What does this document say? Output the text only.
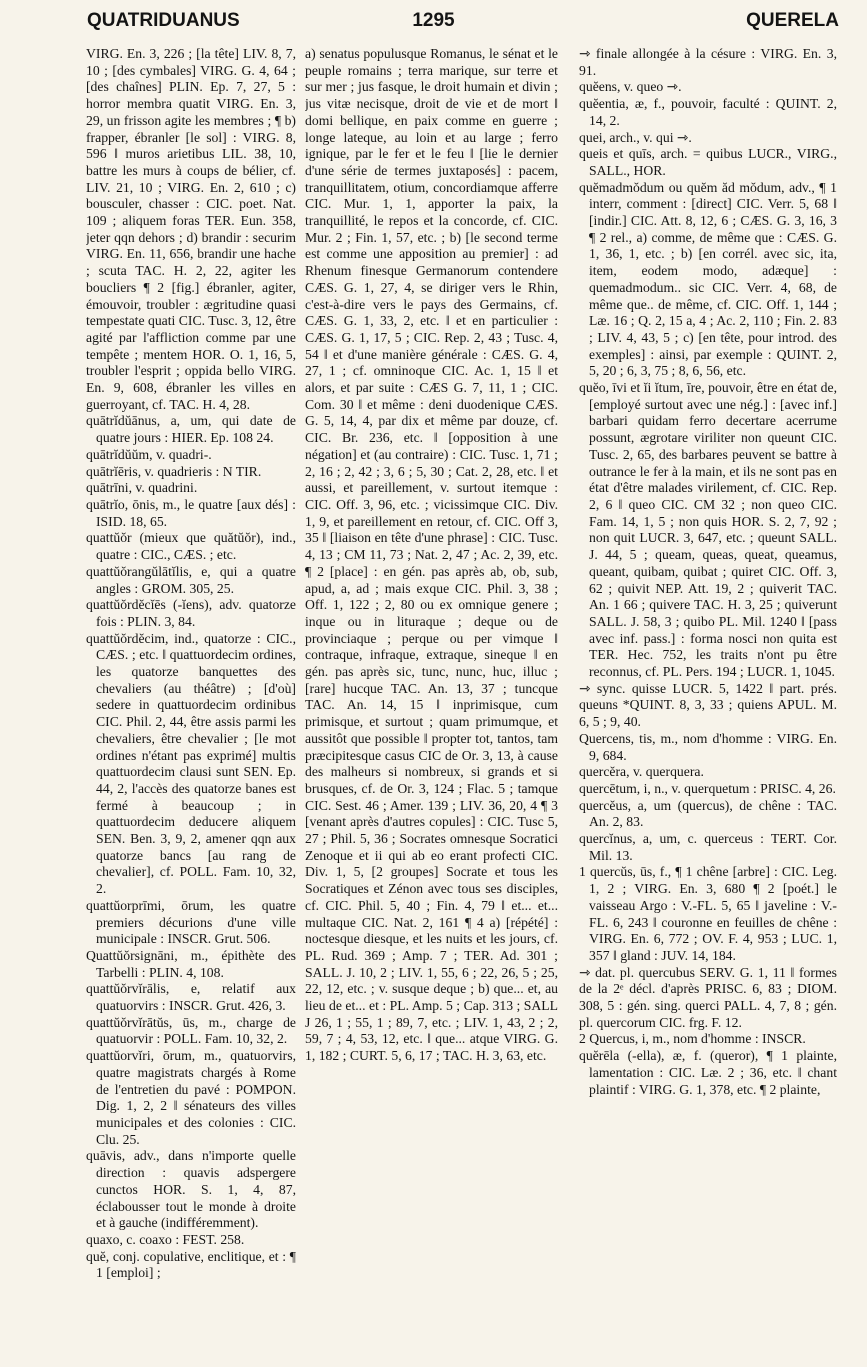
QUATRIDUANUS	1295	QUERELA

VIRG. En. 3, 226 ; [la tête] LIV. 8, 7, 10 ; [des cymbales] VIRG. G. 4, 64 ; [des chaînes] PLIN. Ep. 7, 27, 5 : horror membra quatit VIRG. En. 3, 29, un frisson agite les membres ; ¶ b) frapper, ébranler [le sol] : VIRG. 8, 596 ‖ muros arietibus LIL. 38, 10, battre les murs à coups de bélier, cf. LIV. 21, 10 ; VIRG. En. 2, 610 ; c) bousculer, chasser : CIC. poet. Nat. 109 ; aliquem foras TER. Eun. 358, jeter qqn dehors ; d) brandir : securim VIRG. En. 11, 656, brandir une hache ; scuta TAC. H. 2, 22, agiter les boucliers ¶ 2 [fig.] ébranler, agiter, émouvoir, troubler : ægritudine quasi tempestate quati CIC. Tusc. 3, 12, être agité par l'affliction comme par une tempête ; mentem HOR. O. 1, 16, 5, troubler l'esprit ; oppida bello VIRG. En. 9, 608, ébranler les villes en guerroyant, cf. TAC. H. 4, 28.

quātrĭdŭānus, a, um, qui date de quatre jours : HIER. Ep. 108 24.

quātrĭdŭŭm, v. quadri-.

quātrĭēris, v. quadrieris : N TIR.

quātrīni, v. quadrini.

quātrĭo, ōnis, m., le quatre [aux dés] : ISID. 18, 65.

quattŭŏr (mieux que quătŭŏr), ind., quatre : CIC., CÆS. ; etc.

quattŭŏrangŭlātĭlis, e, qui a quatre angles : GROM. 305, 25.

quattŭŏrdĕcĭēs (-ĭens), adv. quatorze fois : PLIN. 3, 84.

quattŭŏrdĕcim, ind., quatorze : CIC., CÆS. ; etc. ‖ quattuordecim ordines, les quatorze banquettes des chevaliers (au théâtre) ; [d'où] sedere in quattuordecim ordinibus CIC. Phil. 2, 44, être assis parmi les chevaliers, être chevalier ; [le mot ordines n'étant pas exprimé] multis quattuordecim clausi sunt SEN. Ep. 44, 2, l'accès des quatorze banes est fermé à beaucoup ; in quattuordecim deducere aliquem SEN. Ben. 3, 9, 2, amener qqn aux quatorze bancs [au rang de chevalier], cf. POLL. Fam. 10, 32, 2.

quattŭorprīmi, ōrum, les quatre premiers décurions d'une ville municipale : INSCR. Grut. 506.

Quattŭŏrsignāni, m., épithète des Tarbelli : PLIN. 4, 108.

quattŭŏrvĭrālis, e, relatif aux quatuorvirs : INSCR. Grut. 426, 3.

quattŭŏrvĭrātŭs, ūs, m., charge de quatuorvir : POLL. Fam. 10, 32, 2.

quattŭorvĭri, ōrum, m., quatuorvirs, quatre magistrats chargés à Rome de l'entretien du pavé : POMPON. Dig. 1, 2, 2 ‖ sénateurs des villes municipales et des colonies : CIC. Clu. 25.

quāvis, adv., dans n'importe quelle direction : quavis adspergere cunctos HOR. S. 1, 4, 87, éclabousser tout le monde à droite et à gauche (indifféremment).

quaxo, c. coaxo : FEST. 258.

quĕ, conj. copulative, enclitique, et : ¶ 1 [emploi] ;

a) senatus populusque Romanus, le sénat et le peuple romains ; terra marique, sur terre et sur mer ; jus fasque, le droit humain et divin ; jus vitæ necisque, droit de vie et de mort ‖ domi bellique, en paix comme en guerre ; longe lateque, au loin et au large ; ferro ignique, par le fer et le feu ‖ [lie le dernier d'une série de termes juxtaposés] : pacem, tranquillitatem, otium, concordiamque afferre CIC. Mur. 1, 1, apporter la paix, la tranquillité, le repos et la concorde, cf. CIC. Mur. 2 ; Fin. 1, 57, etc. ; b) [le second terme est comme une apposition au premier] : ad Rhenum finesque Germanorum contendere CÆS. G. 1, 27, 4, se diriger vers le Rhin, c'est-à-dire vers le pays des Germains, cf. CÆS. G. 1, 33, 2, etc. ‖ et en particulier : CÆS. G. 1, 17, 5 ; CIC. Rep. 2, 43 ; Tusc. 4, 54 ‖ et d'une manière générale : CÆS. G. 4, 27, 1 ; cf. omninoque CIC. Ac. 1, 15 ‖ et alors, et par suite : CÆS G. 7, 11, 1 ; CIC. Com. 30 ‖ et même : deni duodenique CÆS. G. 5, 14, 4, par dix et même par douze, cf. CIC. Br. 236, etc. ‖ [opposition à une négation] et (au contraire) : CIC. Tusc. 1, 71 ; 2, 16 ; 2, 42 ; 3, 6 ; 5, 30 ; Cat. 2, 28, etc. ‖ et aussi, et pareillement, v. surtout itemque : CIC. Off. 3, 96, etc. ; vicissimque CIC. Div. 1, 9, et pareillement en retour, cf. CIC. Off 3, 35 ‖ [liaison en tête d'une phrase] : CIC. Tusc. 4, 13 ; CM 11, 73 ; Nat. 2, 47 ; Ac. 2, 39, etc. ¶ 2 [place] : en gén. pas après ab, ob, sub, apud, a, ad ; mais exque CIC. Phil. 3, 38 ; Off. 1, 122 ; 2, 80 ou ex omnique genere ; inque ou in lituraque ; deque ou de provinciaque ; perque ou per vimque ‖ contraque, infraque, extraque, sineque ‖ en gén. pas après sic, tunc, nunc, huc, illuc ; [rare] hucque TAC. An. 13, 37 ; tuncque TAC. An. 14, 15 ‖ inprimisque, cum primisque, et surtout ; quam primumque, et aussitôt que possible ‖ propter tot, tantos, tam præcipitesque casus CIC de Or. 3, 13, à cause des malheurs si nombreux, si grands et si brusques, cf. de Or. 3, 124 ; Flac. 5 ; tamque CIC. Sest. 46 ; Amer. 139 ; LIV. 36, 20, 4 ¶ 3 [venant après d'autres copules] : CIC. Tusc 5, 27 ; Phil. 5, 36 ; Socrates omnesque Socratici Zenoque et ii qui ab eo erant profecti CIC. Div. 1, 5, [2 groupes] Socrate et tous les Socratiques et Zénon avec tous ses disciples, cf. CIC. Phil. 5, 40 ; Fin. 4, 79 ‖ et... et... multaque CIC. Nat. 2, 161 ¶ 4 a) [répété] : noctesque diesque, et les nuits et les jours, cf. PL. Rud. 369 ; Amp. 7 ; TER. Ad. 301 ; SALL. J. 10, 2 ; LIV. 1, 55, 6 ; 22, 26, 5 ; 25, 22, 12, etc. ; v. susque deque ; b) que... et, au lieu de et... et : PL. Amp. 5 ; Cap. 313 ; SALL J 26, 1 ; 55, 1 ; 89, 7, etc. ; LIV. 1, 43, 2 ; 2, 59, 7 ; 4, 53, 12, etc. ‖ que... atque VIRG. G. 1, 182 ; CURT. 5, 6, 17 ; TAC. H. 3, 63, etc.

⇾ finale allongée à la césure : VIRG. En. 3, 91.

quĕens, v. queo ⇾.

quĕentia, æ, f., pouvoir, faculté : QUINT. 2, 14, 2.

quei, arch., v. qui ⇾.

queis et quīs, arch. = quibus LUCR., VIRG., SALL., HOR.

quĕmadmŏdum ou quĕm ăd mŏdum, adv., ¶ 1 interr, comment : [direct] CIC. Verr. 5, 68 ‖ [indir.] CIC. Att. 8, 12, 6 ; CÆS. G. 3, 16, 3 ¶ 2 rel., a) comme, de même que : CÆS. G. 1, 36, 1, etc. ; b) [en corrél. avec sic, ita, item, eodem modo, adæque] : quemadmodum.. sic CIC. Verr. 4, 68, de même que.. de même, cf. CIC. Off. 1, 144 ; Læ. 16 ; Q. 2, 15 a, 4 ; Ac. 2, 110 ; Fin. 2. 83 ; LIV. 4, 43, 5 ; c) [en tête, pour introd. des exemples] : ainsi, par exemple : QUINT. 2, 5, 20 ; 6, 3, 75 ; 8, 6, 56, etc.

quĕo, īvi et ĭi ĭtum, īre, pouvoir, être en état de, [employé surtout avec une nég.] : [avec inf.] barbari quidam ferro decertare acerrume possunt, ægrotare viriliter non queunt CIC. Tusc. 2, 65, des barbares peuvent se battre à outrance le fer à la main, et ils ne sont pas en état d'être malades virilement, cf. CIC. Rep. 2, 6 ‖ queo CIC. CM 32 ; non queo CIC. Fam. 14, 1, 5 ; non quis HOR. S. 2, 7, 92 ; non quit LUCR. 3, 647, etc. ; queunt SALL. J. 44, 5 ; queam, queas, queat, queamus, queant, quibam, quibat ; quiret CIC. Off. 3, 62 ; quivit NEP. Att. 19, 2 ; quiverit TAC. An. 1 66 ; quivere TAC. H. 3, 25 ; quiverunt SALL. J. 58, 3 ; quibo PL. Mil. 1240 ‖ [pass avec inf. pass.] : forma nosci non quita est TER. Hec. 752, les traits n'ont pu être reconnus, cf. PL. Pers. 194 ; LUCR. 1, 1045.

⇾ sync. quisse LUCR. 5, 1422 ‖ part. prés. queuns *QUINT. 8, 3, 33 ; quiens APUL. M. 6, 5 ; 9, 40.

Quercens, tis, m., nom d'homme : VIRG. En. 9, 684.

quercĕra, v. querquera.

quercētum, i, n., v. querquetum : PRISC. 4, 26.

quercĕus, a, um (quercus), de chêne : TAC. An. 2, 83.

quercĭnus, a, um, c. querceus : TERT. Cor. Mil. 13.

1 quercŭs, ūs, f., ¶ 1 chêne [arbre] : CIC. Leg. 1, 2 ; VIRG. En. 3, 680 ¶ 2 [poét.] le vaisseau Argo : V.-FL. 5, 65 ‖ javeline : V.-FL. 6, 243 ‖ couronne en feuilles de chêne : VIRG. En. 6, 772 ; OV. F. 4, 953 ; LUC. 1, 357 ‖ gland : JUV. 14, 184.

⇾ dat. pl. quercubus SERV. G. 1, 11 ‖ formes de la 2ᵉ décl. d'après PRISC. 6, 83 ; DIOM. 308, 5 : gén. sing. querci PALL. 4, 7, 8 ; gén. pl. quercorum CIC. frg. F. 12.

2 Quercus, i, m., nom d'homme : INSCR.

quĕrēla (-ella), æ, f. (queror), ¶ 1 plainte, lamentation : CIC. Læ. 2 ; 36, etc. ‖ chant plaintif : VIRG. G. 1, 378, etc. ¶ 2 plainte,
